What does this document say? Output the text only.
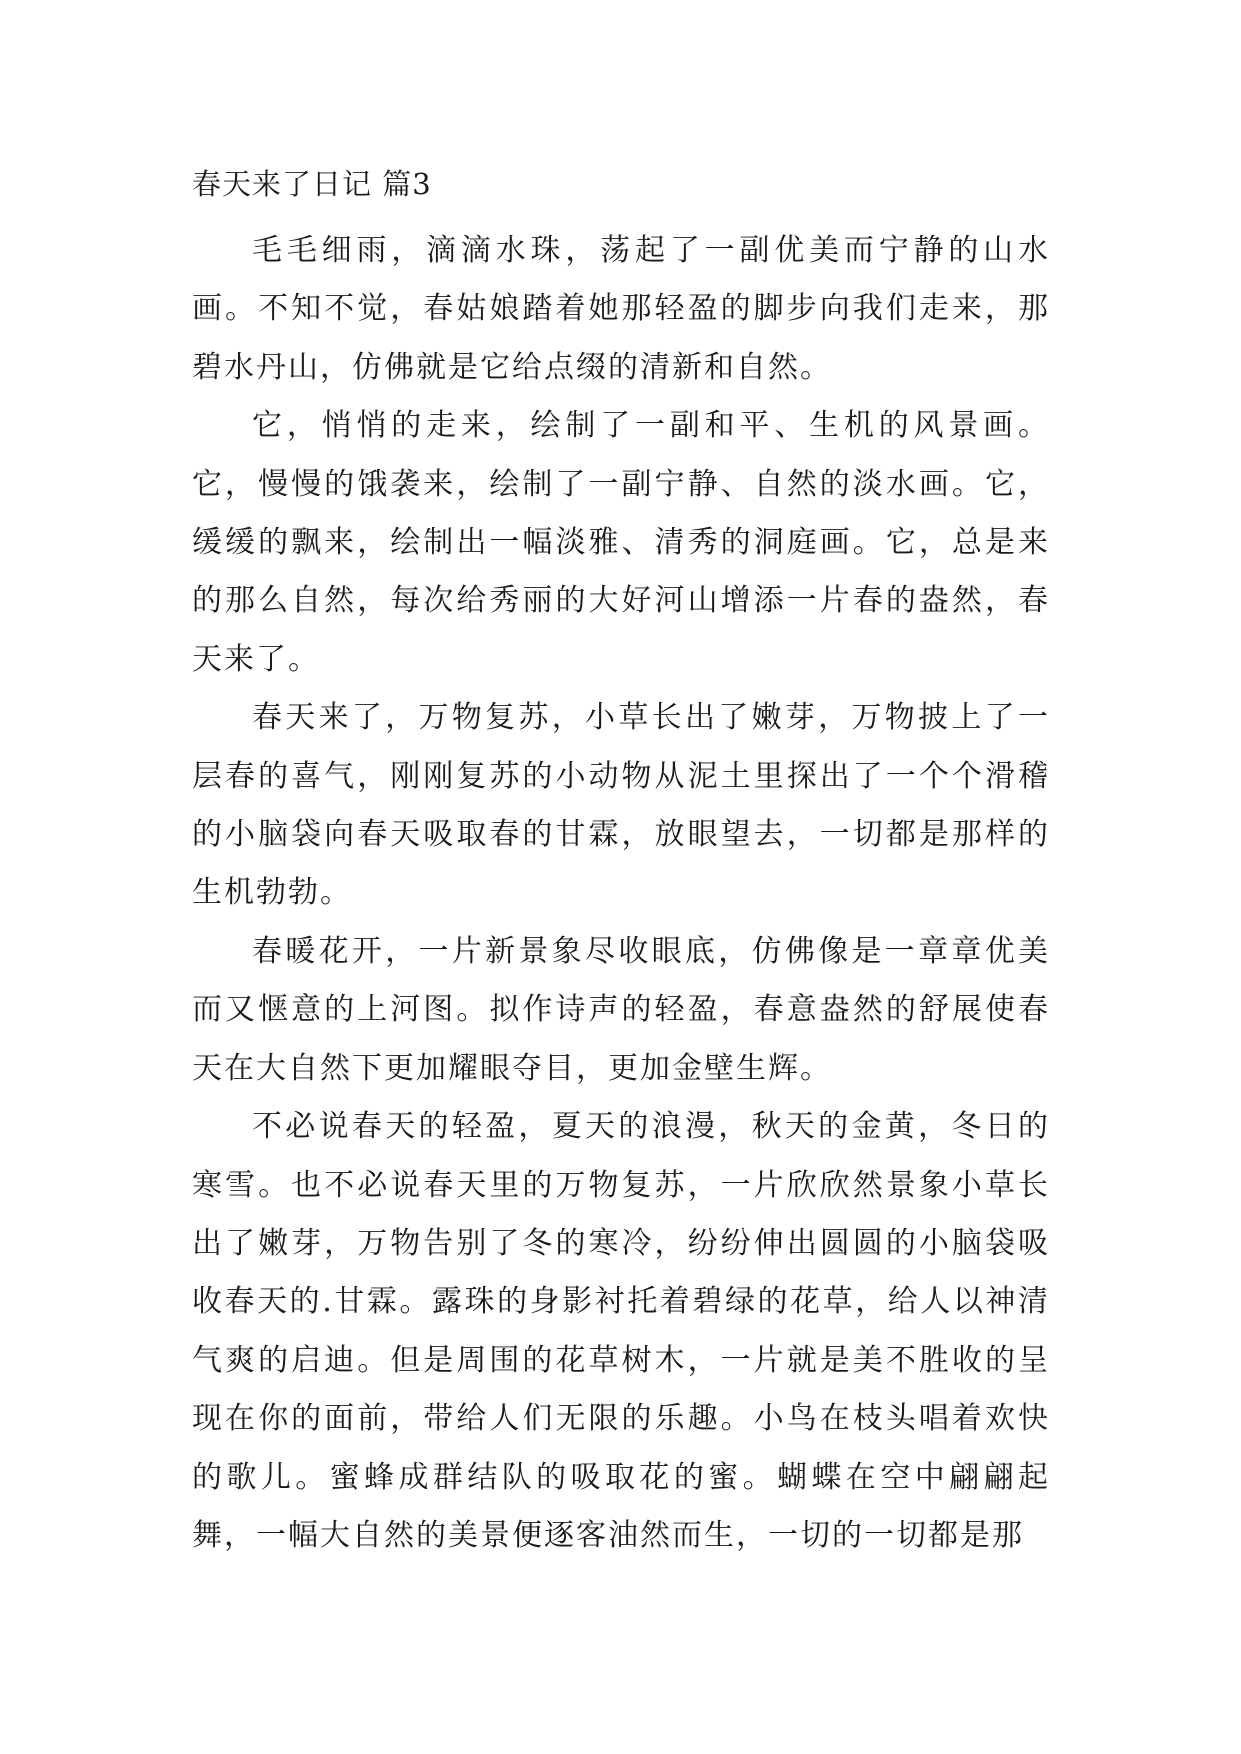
春天来了日记 篇3

毛毛细雨，滴滴水珠，荡起了一副优美而宁静的山水画。不知不觉，春姑娘踏着她那轻盈的脚步向我们走来，那碧水丹山，仿佛就是它给点缀的清新和自然。

它，悄悄的走来，绘制了一副和平、生机的风景画。它，慢慢的饿袭来，绘制了一副宁静、自然的淡水画。它，缓缓的飘来，绘制出一幅淡雅、清秀的洞庭画。它，总是来的那么自然，每次给秀丽的大好河山增添一片春的盎然，春天来了。

春天来了，万物复苏，小草长出了嫩芽，万物披上了一层春的喜气，刚刚复苏的小动物从泥土里探出了一个个滑稽的小脑袋向春天吸取春的甘霖，放眼望去，一切都是那样的生机勃勃。

春暖花开，一片新景象尽收眼底，仿佛像是一章章优美而又惬意的上河图。拟作诗声的轻盈，春意盎然的舒展使春天在大自然下更加耀眼夺目，更加金壁生辉。

不必说春天的轻盈，夏天的浪漫，秋天的金黄，冬日的寒雪。也不必说春天里的万物复苏，一片欣欣然景象小草长出了嫩芽，万物告别了冬的寒冷，纷纷伸出圆圆的小脑袋吸收春天的.甘霖。露珠的身影衬托着碧绿的花草，给人以神清气爽的启迪。但是周围的花草树木，一片就是美不胜收的呈现在你的面前，带给人们无限的乐趣。小鸟在枝头唱着欢快的歌儿。蜜蜂成群结队的吸取花的蜜。蝴蝶在空中翩翩起舞，一幅大自然的美景便逐客油然而生，一切的一切都是那
